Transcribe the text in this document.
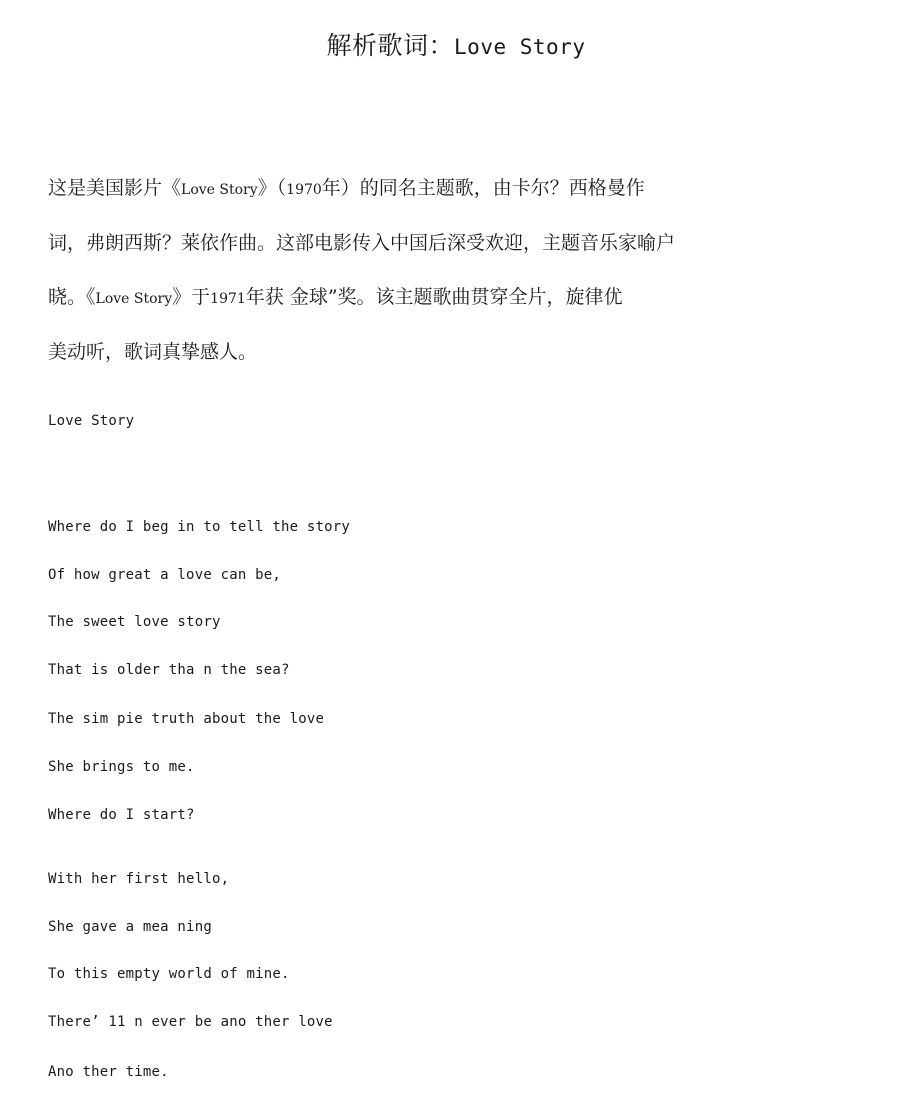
解析歌词：Love Story
这是美国影片《Love Story》（1970年）的同名主题歌，由卡尔？西格曼作
词，弗朗西斯？莱依作曲。这部电影传入中国后深受欢迎，主题音乐家喻户
晓。《Love Story》于1971年获 金球”奖。该主题歌曲贯穿全片，旋律优
美动听，歌词真挚感人。
Love Story
Where do I beg in to tell the story
Of how great a love can be,
The sweet love story
That is older tha n the sea?
The sim pie truth about the love
She brings to me.
Where do I start?
With her first hello,
She gave a mea ning
To this empty world of mine.
There’ 11 n ever be ano ther love
Ano ther time.
